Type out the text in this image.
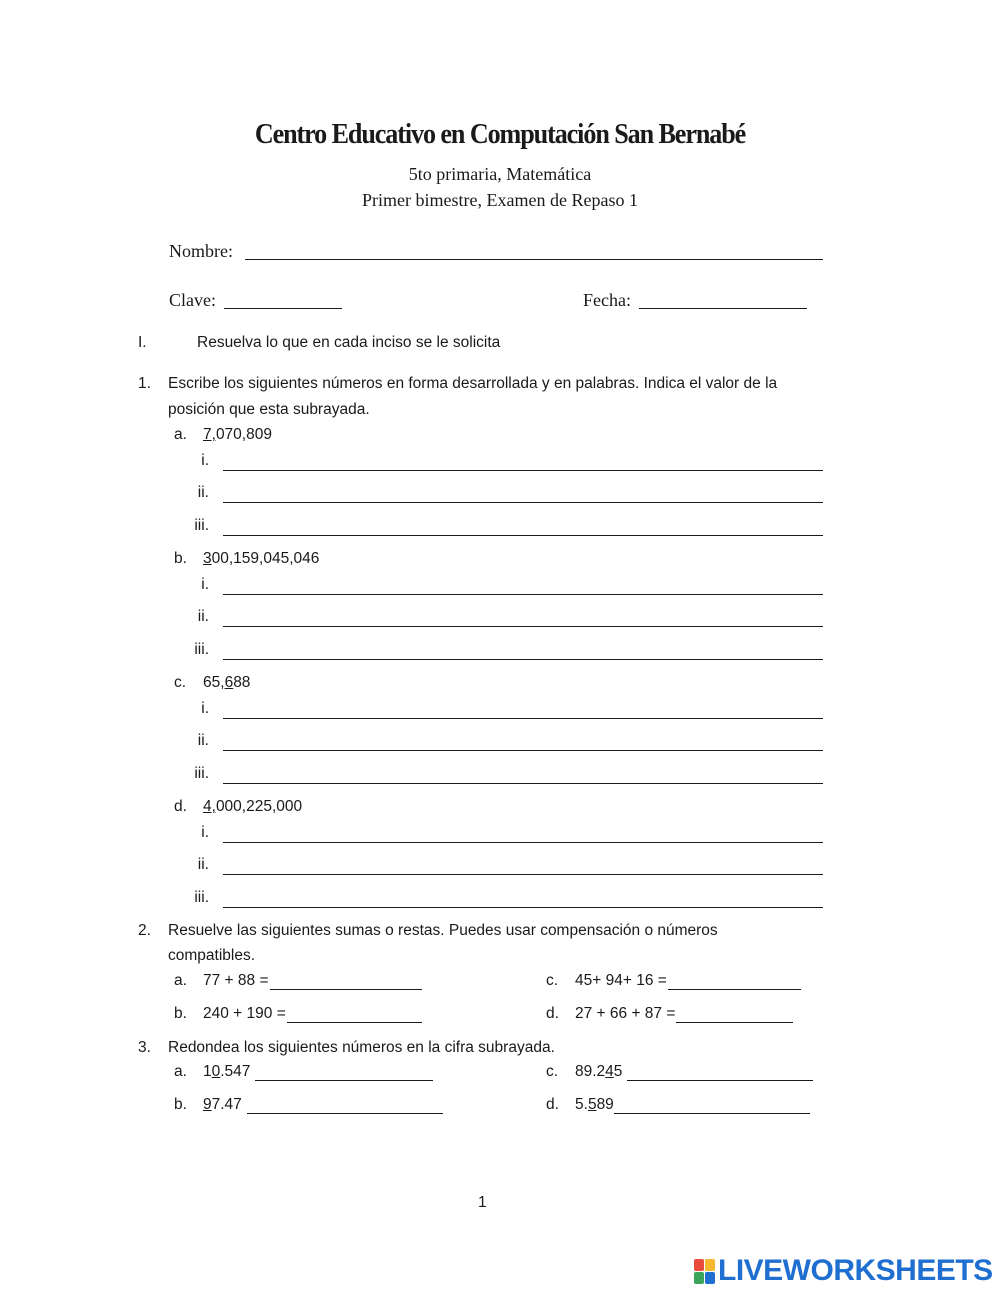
Centro Educativo en Computación San Bernabé
5to primaria, Matemática
Primer bimestre, Examen de Repaso 1
Nombre:
Clave:	Fecha:
I.	Resuelva lo que en cada inciso se le solicita
1. Escribe los siguientes números en forma desarrollada y en palabras. Indica el valor de la
posición que esta subrayada.
a. 7,070,809
i.
ii.
iii.
b. 300,159,045,046
i.
ii.
iii.
c. 65,688
i.
ii.
iii.
d. 4,000,225,000
i.
ii.
iii.
2. Resuelve las siguientes sumas o restas. Puedes usar compensación o números
compatibles.
a. 77 + 88 =	c. 45+ 94+ 16 =
b. 240 + 190 =	d. 27 + 66 + 87 =
3. Redondea los siguientes números en la cifra subrayada.
a. 1 0 .547	c. 89.2 4 5
b. 9 7.47	d. 5. 5 89
1
LIVEWORKSHEETS
